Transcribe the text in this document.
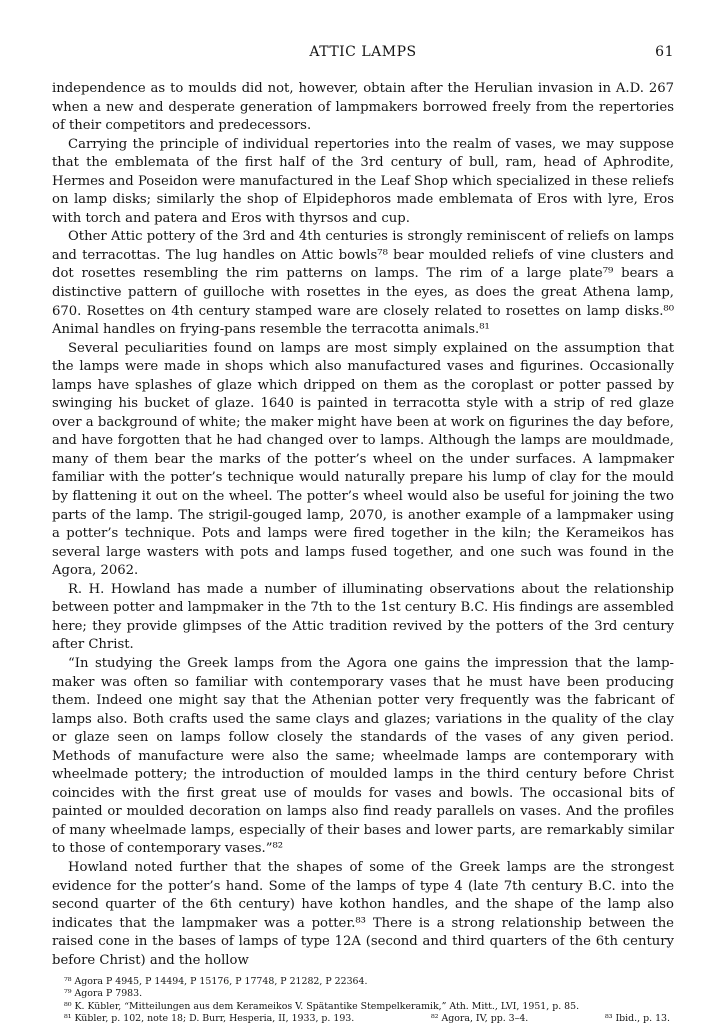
ATTIC LAMPS	61

independence as to moulds did not, however, obtain after the Herulian invasion in A.D. 267 when a new and desperate generation of lampmakers borrowed freely from the repertories of their competitors and predecessors.

Carrying the principle of individual repertories into the realm of vases, we may suppose that the emblemata of the first half of the 3rd century of bull, ram, head of Aphrodite, Hermes and Poseidon were manufactured in the Leaf Shop which specialized in these reliefs on lamp disks; similarly the shop of Elpidephoros made emblemata of Eros with lyre, Eros with torch and patera and Eros with thyrsos and cup.

Other Attic pottery of the 3rd and 4th centuries is strongly reminiscent of reliefs on lamps and terracottas. The lug handles on Attic bowls⁷⁸ bear moulded reliefs of vine clusters and dot rosettes resembling the rim patterns on lamps. The rim of a large plate⁷⁹ bears a distinctive pattern of guilloche with rosettes in the eyes, as does the great Athena lamp, 670. Rosettes on 4th century stamped ware are closely related to rosettes on lamp disks.⁸⁰ Animal handles on frying-pans resemble the terracotta animals.⁸¹

Several peculiarities found on lamps are most simply explained on the assumption that the lamps were made in shops which also manufactured vases and figurines. Occasionally lamps have splashes of glaze which dripped on them as the coroplast or potter passed by swinging his bucket of glaze. 1640 is painted in terracotta style with a strip of red glaze over a background of white; the maker might have been at work on figurines the day before, and have forgotten that he had changed over to lamps. Although the lamps are mouldmade, many of them bear the marks of the potter’s wheel on the under surfaces. A lampmaker familiar with the potter’s technique would naturally prepare his lump of clay for the mould by flattening it out on the wheel. The potter’s wheel would also be useful for joining the two parts of the lamp. The strigil-gouged lamp, 2070, is another example of a lampmaker using a potter’s technique. Pots and lamps were fired together in the kiln; the Kerameikos has several large wasters with pots and lamps fused together, and one such was found in the Agora, 2062.

R. H. Howland has made a number of illuminating observations about the relationship between potter and lampmaker in the 7th to the 1st century B.C. His findings are assembled here; they provide glimpses of the Attic tradition revived by the potters of the 3rd century after Christ.

“In studying the Greek lamps from the Agora one gains the impression that the lamp-maker was often so familiar with contemporary vases that he must have been producing them. Indeed one might say that the Athenian potter very frequently was the fabricant of lamps also. Both crafts used the same clays and glazes; variations in the quality of the clay or glaze seen on lamps follow closely the standards of the vases of any given period. Methods of manufacture were also the same; wheelmade lamps are contemporary with wheelmade pottery; the introduction of moulded lamps in the third century before Christ coincides with the first great use of moulds for vases and bowls. The occasional bits of painted or moulded decoration on lamps also find ready parallels on vases. And the profiles of many wheelmade lamps, especially of their bases and lower parts, are remarkably similar to those of contemporary vases.”⁸²

Howland noted further that the shapes of some of the Greek lamps are the strongest evidence for the potter’s hand. Some of the lamps of type 4 (late 7th century B.C. into the second quarter of the 6th century) have kothon handles, and the shape of the lamp also indicates that the lampmaker was a potter.⁸³ There is a strong relationship between the raised cone in the bases of lamps of type 12A (second and third quarters of the 6th century before Christ) and the hollow

⁷⁸ Agora P 4945, P 14494, P 15176, P 17748, P 21282, P 22364.
⁷⁹ Agora P 7983.
⁸⁰ K. Kübler, “Mitteilungen aus dem Kerameikos V. Spätantike Stempelkeramik,” Ath. Mitt., LVI, 1951, p. 85.
⁸¹ Kübler, p. 102, note 18; D. Burr, Hesperia, II, 1933, p. 193.	⁸² Agora, IV, pp. 3–4.	⁸³ Ibid., p. 13.
